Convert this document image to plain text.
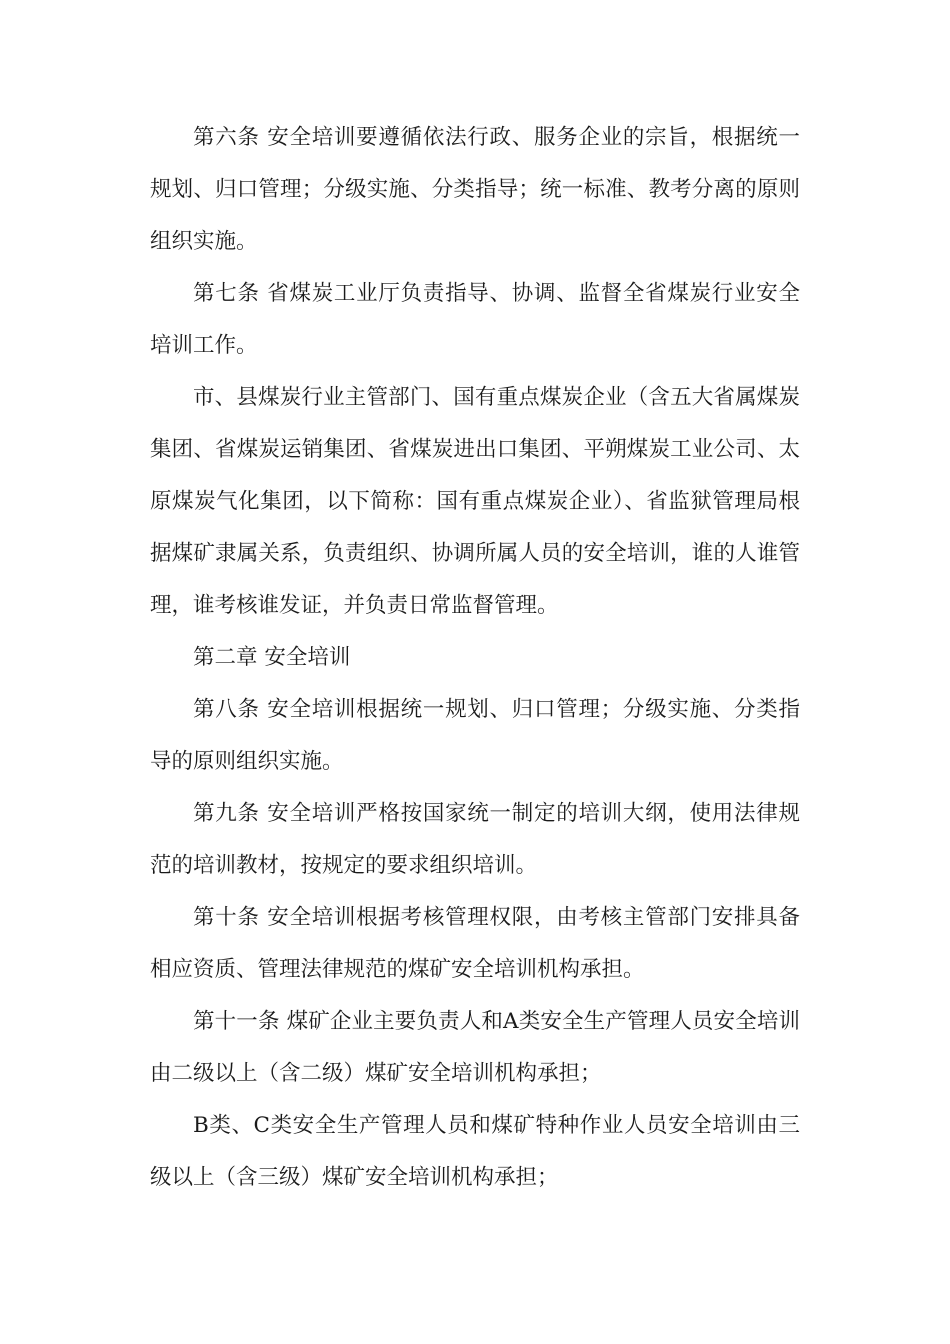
第六条 安全培训要遵循依法行政、服务企业的宗旨，根据统一规划、归口管理；分级实施、分类指导；统一标准、教考分离的原则组织实施。

第七条 省煤炭工业厅负责指导、协调、监督全省煤炭行业安全培训工作。

市、县煤炭行业主管部门、国有重点煤炭企业（含五大省属煤炭集团、省煤炭运销集团、省煤炭进出口集团、平朔煤炭工业公司、太原煤炭气化集团，以下简称：国有重点煤炭企业）、省监狱管理局根据煤矿隶属关系，负责组织、协调所属人员的安全培训，谁的人谁管理，谁考核谁发证，并负责日常监督管理。

第二章 安全培训

第八条 安全培训根据统一规划、归口管理；分级实施、分类指导的原则组织实施。

第九条 安全培训严格按国家统一制定的培训大纲，使用法律规范的培训教材，按规定的要求组织培训。

第十条 安全培训根据考核管理权限，由考核主管部门安排具备相应资质、管理法律规范的煤矿安全培训机构承担。

第十一条 煤矿企业主要负责人和A类安全生产管理人员安全培训由二级以上（含二级）煤矿安全培训机构承担；

B类、C类安全生产管理人员和煤矿特种作业人员安全培训由三级以上（含三级）煤矿安全培训机构承担；
